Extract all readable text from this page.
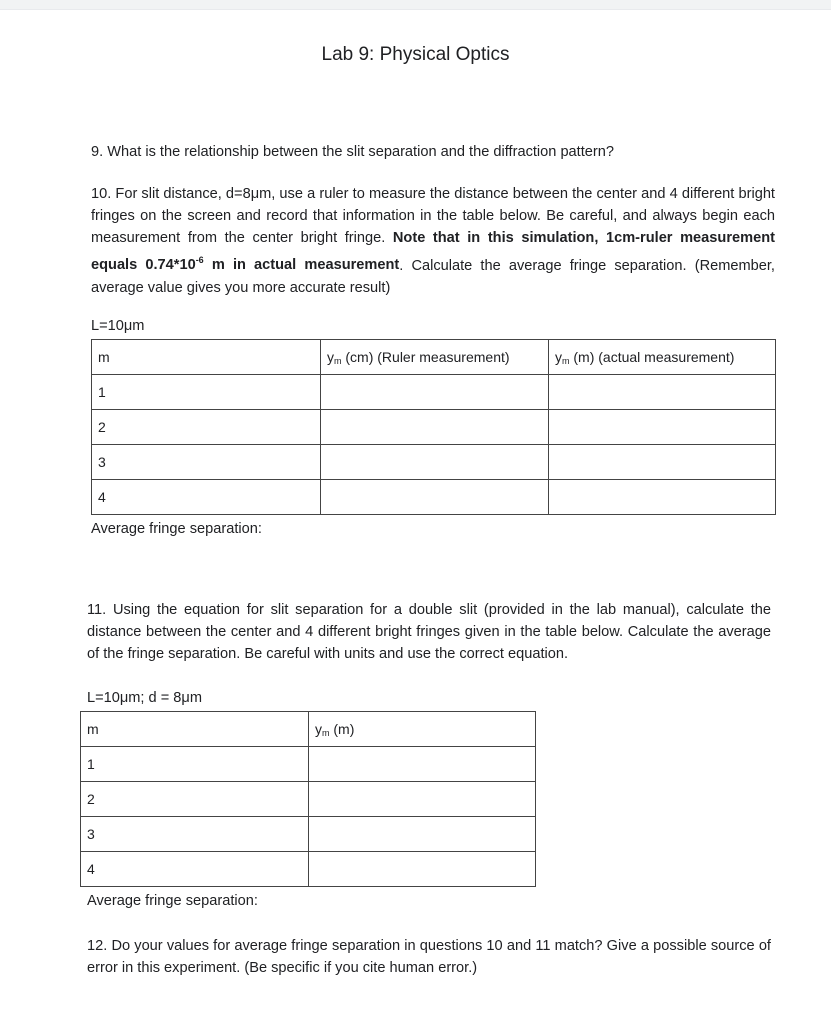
Lab 9: Physical Optics
9. What is the relationship between the slit separation and the diffraction pattern?
10. For slit distance, d=8μm, use a ruler to measure the distance between the center and 4 different bright fringes on the screen and record that information in the table below. Be careful, and always begin each measurement from the center bright fringe. Note that in this simulation, 1cm-ruler measurement equals $0.74*10^{-6}$ m in actual measurement. Calculate the average fringe separation. (Remember, average value gives you more accurate result)
L=10μm
m	$y_m$ (cm) (Ruler measurement)	$y_m$ (m) (actual measurement)
1		
2		
3		
4		
Average fringe separation:
11. Using the equation for slit separation for a double slit (provided in the lab manual), calculate the distance between the center and 4 different bright fringes given in the table below. Calculate the average of the fringe separation. Be careful with units and use the correct equation.
L=10μm; d = 8μm
m	$y_m$ (m)
1	
2	
3	
4	
Average fringe separation:
12. Do your values for average fringe separation in questions 10 and 11 match? Give a possible source of error in this experiment. (Be specific if you cite human error.)
